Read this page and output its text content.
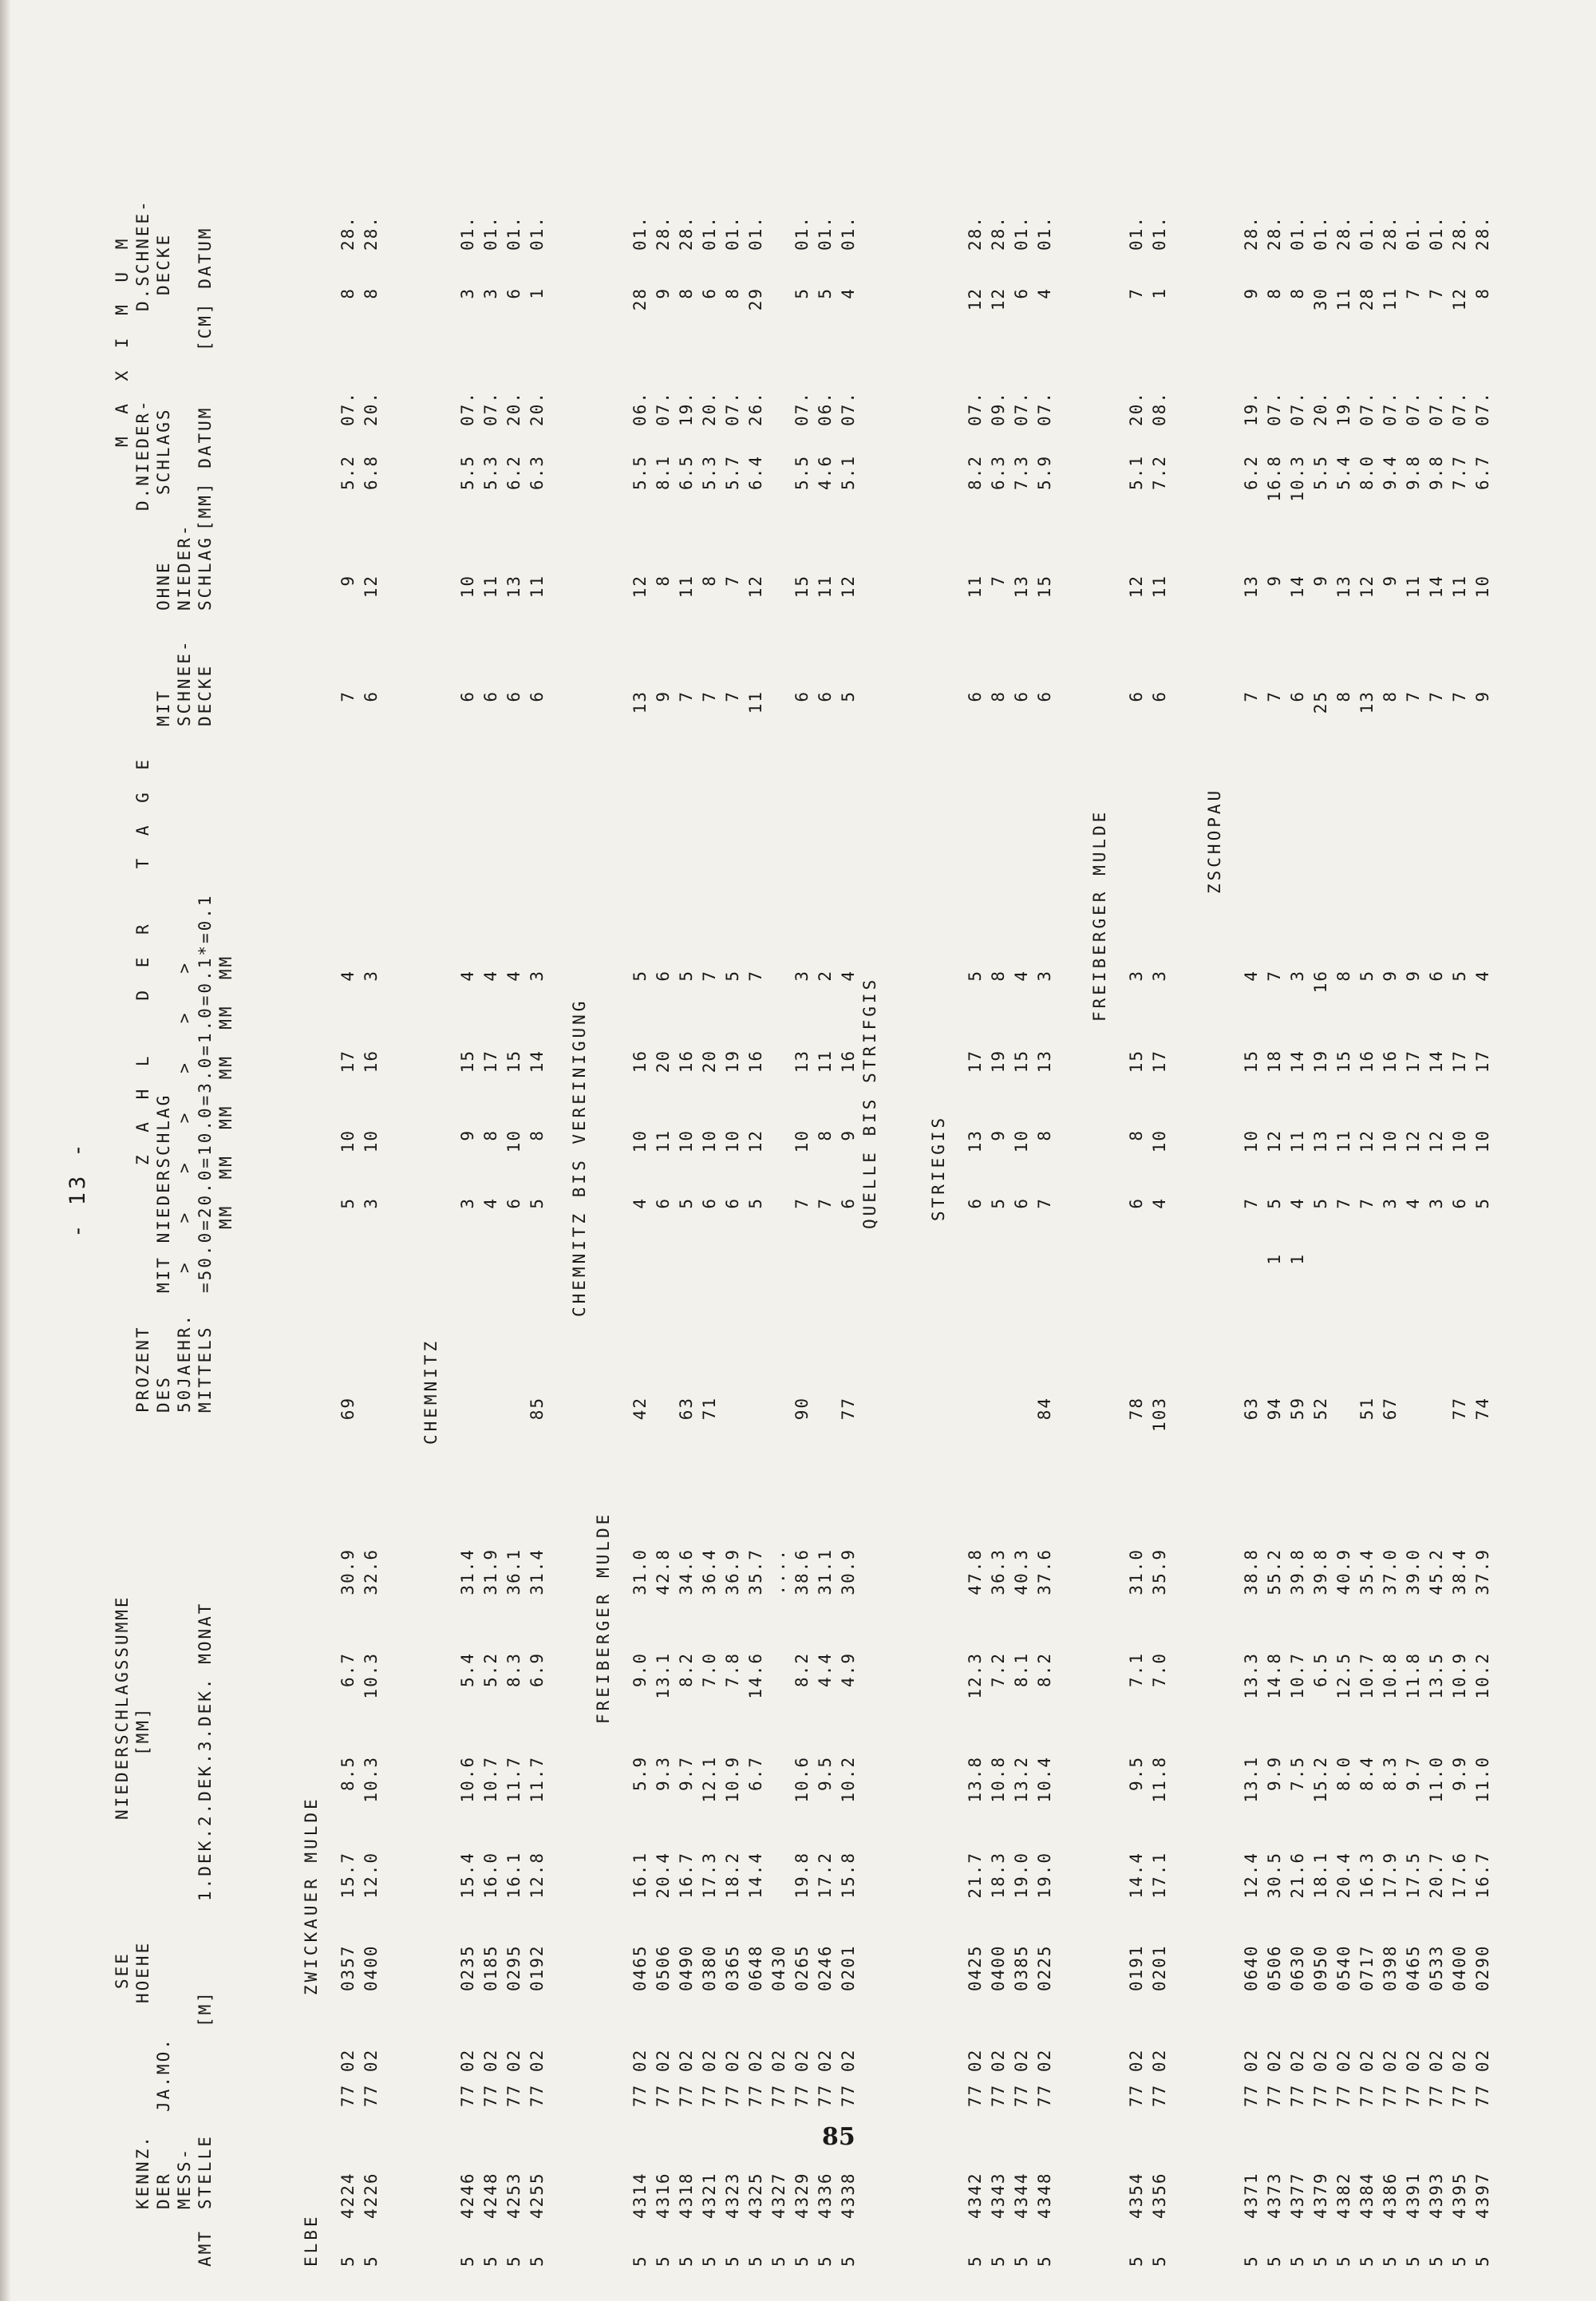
- 13 -
AMT
KENNZ. DER MESS- STELLE
JA.MO.
SEE HOEHE
[M]
NIEDERSCHLAGSSUMME [MM]	1.DEK.2.DEK.3.DEK. MONAT
PROZENT DES 50JAEHR. MITTELS
Z A H L   D E R   T A G E
MIT NIEDERSCHLAG >   >   >   >   >   >   > =50.0=20.0=10.0=3.0=1.0=0.1*=0.1 MM  MM  MM  MM  MM  MM
MIT SCHNEE- DECKE
OHNE NIEDER- SCHLAG
M A X I M U M
D.NIEDER- SCHLAGS [MM] DATUM
D.SCHNEE- DECKE [CM] DATUM
ELBE
ZWICKAUER MULDE
5
4224
77 02
0357
15.7
8.5
6.7
30.9
69
5
10
17
4
7
9
5.2
07.
8
28.
5
4226
77 02
0400
12.0
10.3
10.3
32.6
3
10
16
3
6
12
6.8
20.
8
28.
CHEMNITZ
5
4246
77 02
0235
15.4
10.6
5.4
31.4
3
9
15
4
6
10
5.5
07.
3
01.
5
4248
77 02
0185
16.0
10.7
5.2
31.9
4
8
17
4
6
11
5.3
07.
3
01.
5
4253
77 02
0295
16.1
11.7
8.3
36.1
6
10
15
4
6
13
6.2
20.
6
01.
5
4255
77 02
0192
12.8
11.7
6.9
31.4
85
5
8
14
3
6
11
6.3
20.
1
01.
CHEMNITZ BIS VEREINIGUNG
FREIBERGER MULDE
5
4314
77 02
0465
16.1
5.9
9.0
31.0
42
4
10
16
5
13
12
5.5
06.
28
01.
5
4316
77 02
0506
20.4
9.3
13.1
42.8
6
11
20
6
9
8
8.1
07.
9
28.
5
4318
77 02
0490
16.7
9.7
8.2
34.6
63
5
10
16
5
7
11
6.5
19.
8
28.
5
4321
77 02
0380
17.3
12.1
7.0
36.4
71
6
10
20
7
7
8
5.3
20.
6
01.
5
4323
77 02
0365
18.2
10.9
7.8
36.9
6
10
19
5
7
7
5.7
07.
8
01.
5
4325
77 02
0648
14.4
6.7
14.6
35.7
5
12
16
7
11
12
6.4
26.
29
01.
5
4327
77 02
0430
....
5
4329
77 02
0265
19.8
10.6
8.2
38.6
90
7
10
13
3
6
15
5.5
07.
5
01.
5
4336
77 02
0246
17.2
9.5
4.4
31.1
7
8
11
2
6
11
4.6
06.
5
01.
5
4338
77 02
0201
15.8
10.2
4.9
30.9
77
6
9
16
4
5
12
5.1
07.
4
01.
QUELLE BIS STRIFGIS	STRIEGIS
5
4342
77 02
0425
21.7
13.8
12.3
47.8
6
13
17
5
6
11
8.2
07.
12
28.
5
4343
77 02
0400
18.3
10.8
7.2
36.3
5
9
19
8
8
7
6.3
09.
12
28.
5
4344
77 02
0385
19.0
13.2
8.1
40.3
6
10
15
4
6
13
7.3
07.
6
01.
5
4348
77 02
0225
19.0
10.4
8.2
37.6
84
7
8
13
3
6
15
5.9
07.
4
01.
FREIBERGER MULDE
5
4354
77 02
0191
14.4
9.5
7.1
31.0
78
6
8
15
3
6
12
5.1
20.
7
01.
5
4356
77 02
0201
17.1
11.8
7.0
35.9
103
4
10
17
3
6
11
7.2
08.
1
01.
ZSCHOPAU
5
4371
77 02
0640
12.4
13.1
13.3
38.8
63
7
10
15
4
7
13
6.2
19.
9
28.
5
4373
77 02
0506
30.5
9.9
14.8
55.2
94
1
5
12
18
7
7
9
16.8
07.
8
28.
5
4377
77 02
0630
21.6
7.5
10.7
39.8
59
1
4
11
14
3
6
14
10.3
07.
8
01.
5
4379
77 02
0950
18.1
15.2
6.5
39.8
52
5
13
19
16
25
9
5.5
20.
30
01.
5
4382
77 02
0540
20.4
8.0
12.5
40.9
7
11
15
8
8
13
5.4
19.
11
28.
5
4384
77 02
0717
16.3
8.4
10.7
35.4
51
7
12
16
5
13
12
8.0
07.
28
01.
5
4386
77 02
0398
17.9
8.3
10.8
37.0
67
3
10
16
9
8
9
9.4
07.
11
28.
5
4391
77 02
0465
17.5
9.7
11.8
39.0
4
12
17
9
7
11
9.8
07.
7
01.
5
4393
77 02
0533
20.7
11.0
13.5
45.2
3
12
14
6
7
14
9.8
07.
7
01.
5
4395
77 02
0400
17.6
9.9
10.9
38.4
77
6
10
17
5
7
11
7.7
07.
12
28.
5
4397
77 02
0290
16.7
11.0
10.2
37.9
74
5
10
17
4
9
10
6.7
07.
8
28.
85
